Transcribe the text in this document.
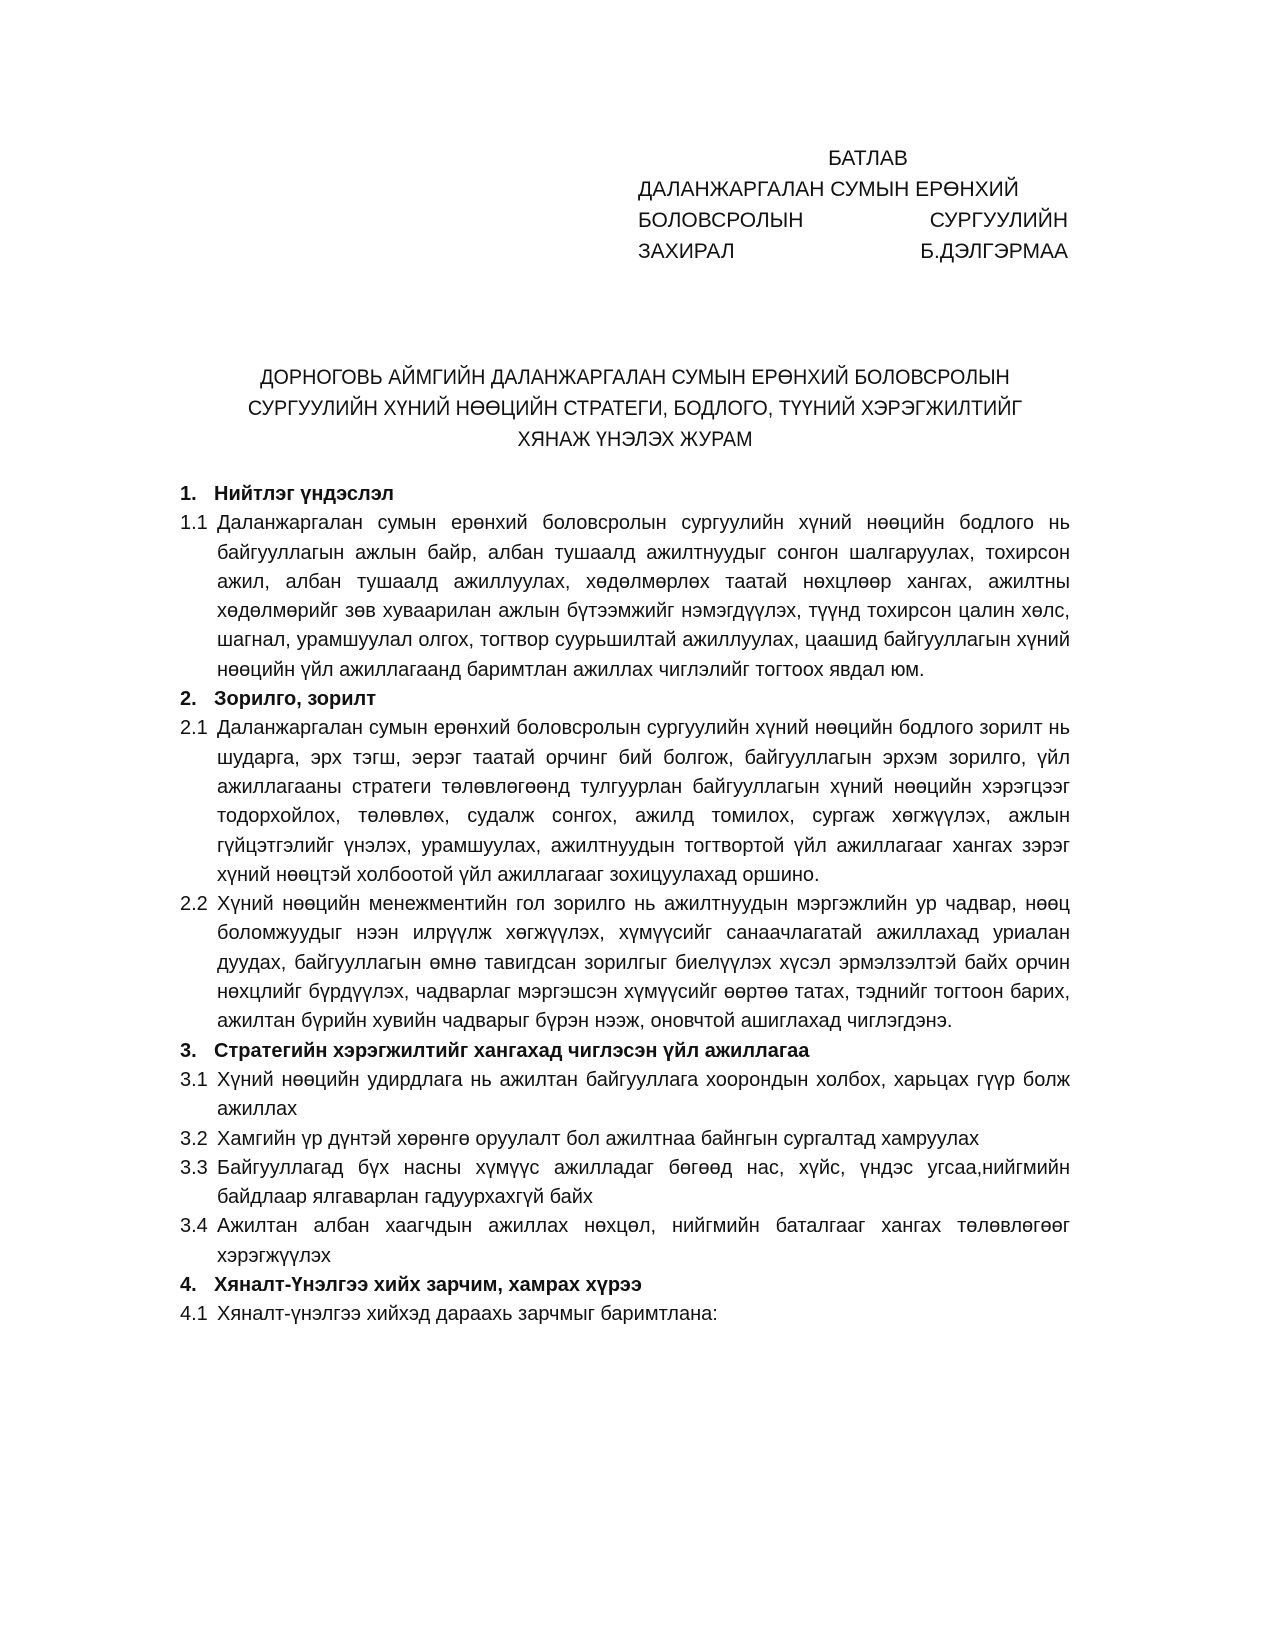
БАТЛАВ
ДАЛАНЖАРГАЛАН СУМЫН ЕРӨНХИЙ
БОЛОВСРОЛЫН	СУРГУУЛИЙН
ЗАХИРАЛ	Б.ДЭЛГЭРМАА
ДОРНОГОВЬ АЙМГИЙН ДАЛАНЖАРГАЛАН СУМЫН ЕРӨНХИЙ БОЛОВСРОЛЫН
СУРГУУЛИЙН ХҮНИЙ НӨӨЦИЙН СТРАТЕГИ, БОДЛОГО, ТҮҮНИЙ ХЭРЭГЖИЛТИЙГ
ХЯНАЖ ҮНЭЛЭХ ЖУРАМ
1. Нийтлэг үндэслэл
1.1 Даланжаргалан сумын ерөнхий боловсролын сургуулийн хүний нөөцийн бодлого нь байгууллагын ажлын байр, албан тушаалд ажилтнуудыг сонгон шалгаруулах, тохирсон ажил, албан тушаалд ажиллуулах, хөдөлмөрлөх таатай нөхцлөөр хангах, ажилтны хөдөлмөрийг зөв хуваарилан ажлын бүтээмжийг нэмэгдүүлэх, түүнд тохирсон цалин хөлс, шагнал, урамшуулал олгох, тогтвор суурьшилтай ажиллуулах, цаашид байгууллагын хүний нөөцийн үйл ажиллагаанд баримтлан ажиллах чиглэлийг тогтоох явдал юм.
2. Зорилго, зорилт
2.1 Даланжаргалан сумын ерөнхий боловсролын сургуулийн хүний нөөцийн бодлого зорилт нь шударга, эрх тэгш, эерэг таатай орчинг бий болгож, байгууллагын эрхэм зорилго, үйл ажиллагааны стратеги төлөвлөгөөнд тулгуурлан байгууллагын хүний нөөцийн хэрэгцээг тодорхойлох, төлөвлөх, судалж сонгох, ажилд томилох, сургаж хөгжүүлэх, ажлын гүйцэтгэлийг үнэлэх, урамшуулах, ажилтнуудын тогтвортой үйл ажиллагааг хангах зэрэг хүний нөөцтэй холбоотой үйл ажиллагааг зохицуулахад оршино.
2.2 Хүний нөөцийн менежментийн гол зорилго нь ажилтнуудын мэргэжлийн ур чадвар, нөөц боломжуудыг нээн илрүүлж хөгжүүлэх, хүмүүсийг санаачлагатай ажиллахад уриалан дуудах, байгууллагын өмнө тавигдсан зорилгыг биелүүлэх хүсэл эрмэлзэлтэй байх орчин нөхцлийг бүрдүүлэх, чадварлаг мэргэшсэн хүмүүсийг өөртөө татах, тэднийг тогтоон барих, ажилтан бүрийн хувийн чадварыг бүрэн нээж, оновчтой ашиглахад чиглэгдэнэ.
3. Стратегийн хэрэгжилтийг хангахад чиглэсэн үйл ажиллагаа
3.1 Хүний нөөцийн удирдлага нь ажилтан байгууллага хоорондын холбох, харьцах гүүр болж ажиллах
3.2 Хамгийн үр дүнтэй хөрөнгө оруулалт бол ажилтнаа байнгын сургалтад хамруулах
3.3 Байгууллагад бүх насны хүмүүс ажилладаг бөгөөд нас, хүйс, үндэс угсаа,нийгмийн байдлаар ялгаварлан гадуурхахгүй байх
3.4 Ажилтан албан хаагчдын ажиллах нөхцөл, нийгмийн баталгааг хангах төлөвлөгөөг хэрэгжүүлэх
4. Хяналт-Үнэлгээ хийх зарчим, хамрах хүрээ
4.1 Хяналт-үнэлгээ хийхэд дараахь зарчмыг баримтлана:
